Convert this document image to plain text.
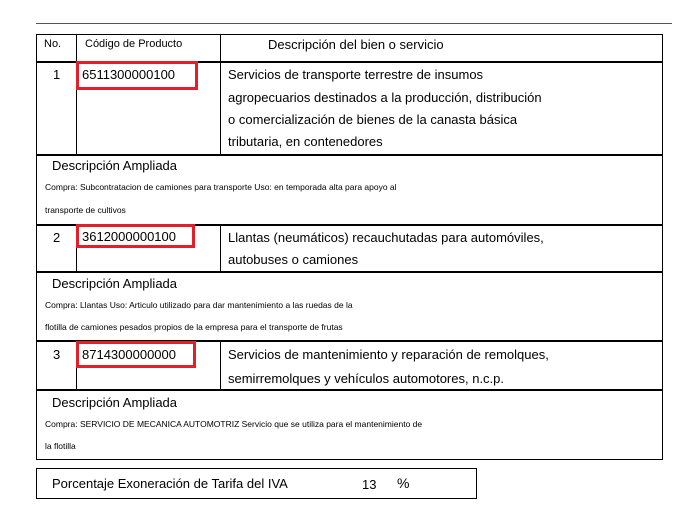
No. Código de Producto	Descripción del bien o servicio
1 6511300000100	Servicios de transporte terrestre de insumos
agropecuarios destinados a la producción, distribución
o comercialización de bienes de la canasta básica
tributaria, en contenedores
Descripción Ampliada
Compra: Subcontratacion de camiones para transporte Uso: en temporada alta para apoyo al
transporte de cultivos
2 3612000000100	Llantas (neumáticos) recauchutadas para automóviles,
autobuses o camiones
Descripción Ampliada
Compra: Llantas Uso: Articulo utilizado para dar mantenimiento a las ruedas de la
flotilla de camiones pesados propios de la empresa para el transporte de frutas
3 8714300000000	Servicios de mantenimiento y reparación de remolques,
semirremolques y vehículos automotores, n.c.p.
Descripción Ampliada
Compra: SERVICIO DE MECANICA AUTOMOTRIZ Servicio que se utiliza para el mantenimiento de
la flotilla
Porcentaje Exoneración de Tarifa del IVA	13 %
